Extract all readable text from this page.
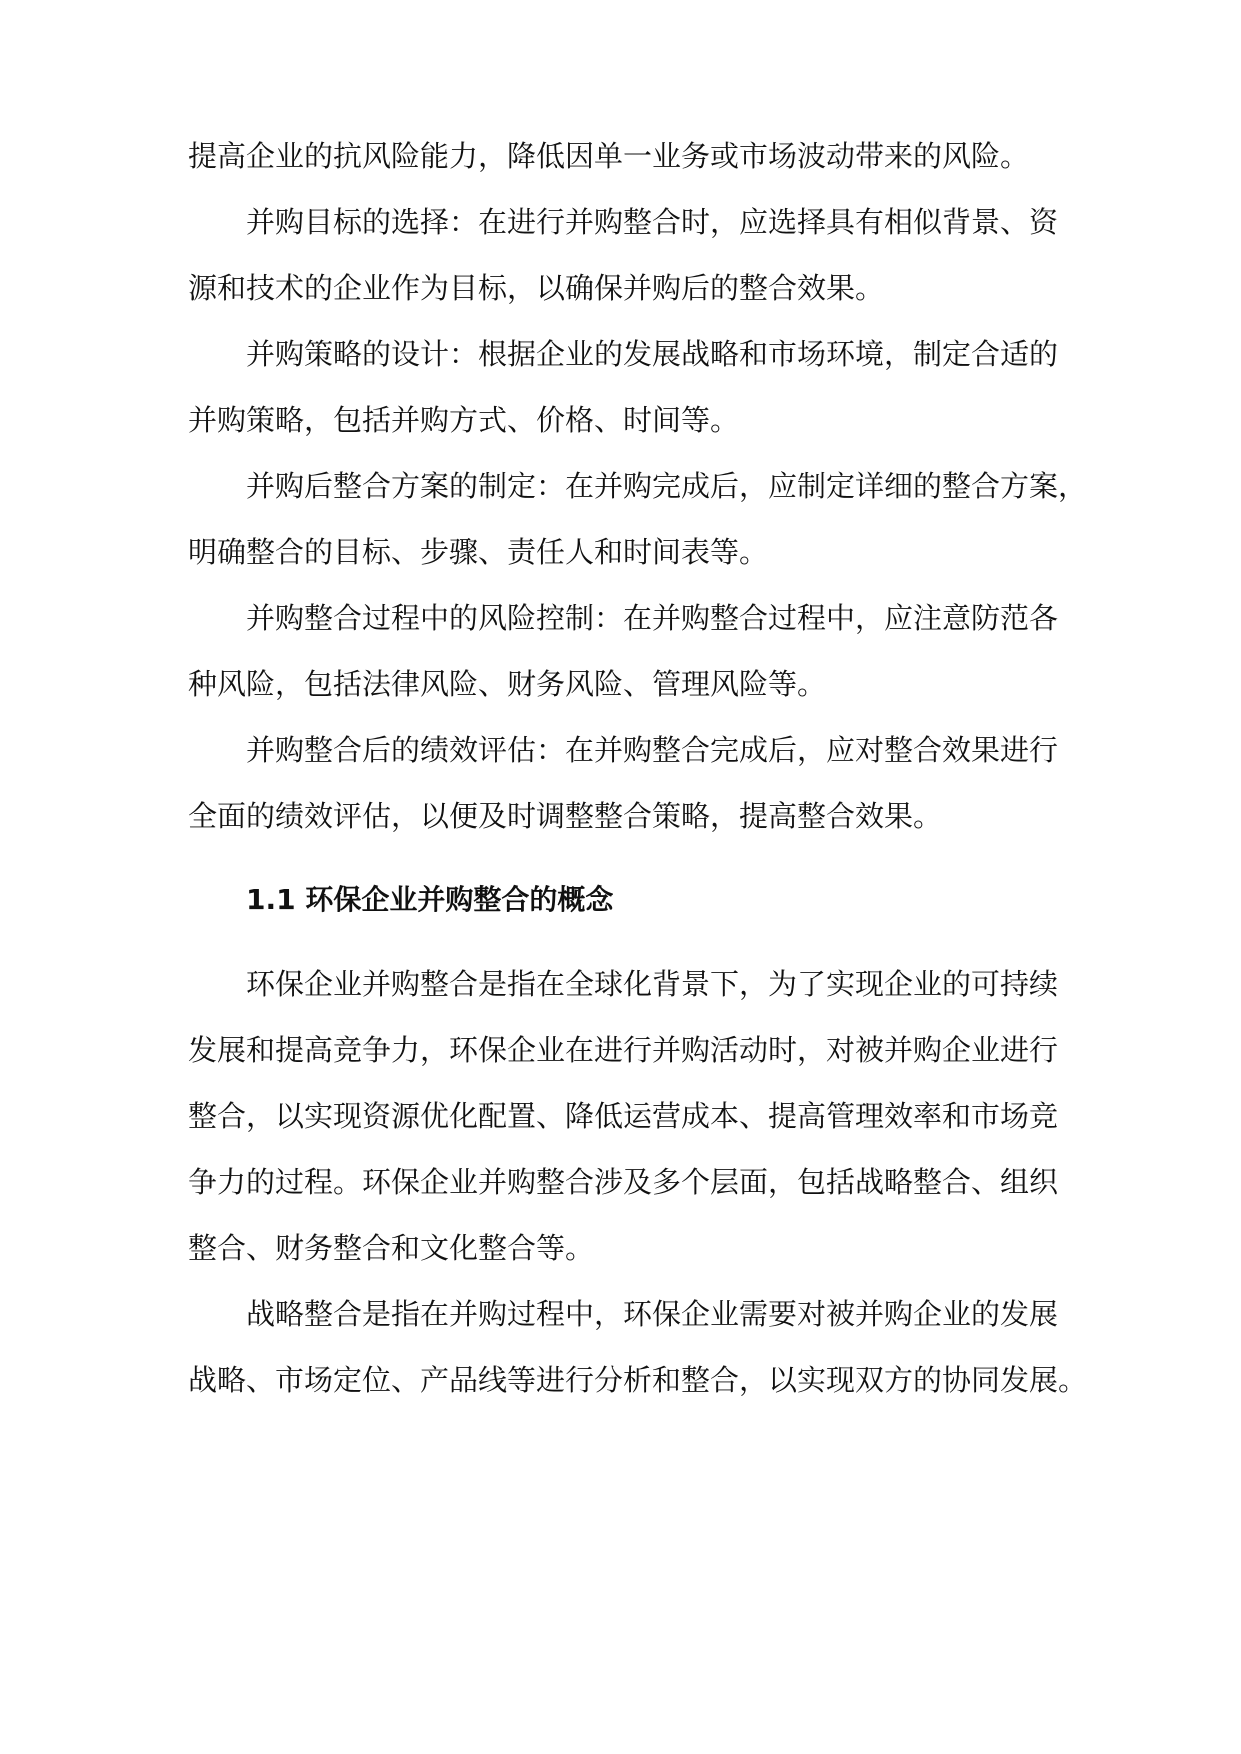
提高企业的抗风险能力，降低因单一业务或市场波动带来的风险。
并购目标的选择：在进行并购整合时，应选择具有相似背景、资
源和技术的企业作为目标，以确保并购后的整合效果。
并购策略的设计：根据企业的发展战略和市场环境，制定合适的
并购策略，包括并购方式、价格、时间等。
并购后整合方案的制定：在并购完成后，应制定详细的整合方案，
明确整合的目标、步骤、责任人和时间表等。
并购整合过程中的风险控制：在并购整合过程中，应注意防范各
种风险，包括法律风险、财务风险、管理风险等。
并购整合后的绩效评估：在并购整合完成后，应对整合效果进行
全面的绩效评估，以便及时调整整合策略，提高整合效果。
1.1 环保企业并购整合的概念
环保企业并购整合是指在全球化背景下，为了实现企业的可持续
发展和提高竞争力，环保企业在进行并购活动时，对被并购企业进行
整合，以实现资源优化配置、降低运营成本、提高管理效率和市场竞
争力的过程。环保企业并购整合涉及多个层面，包括战略整合、组织
整合、财务整合和文化整合等。
战略整合是指在并购过程中，环保企业需要对被并购企业的发展
战略、市场定位、产品线等进行分析和整合，以实现双方的协同发展。
